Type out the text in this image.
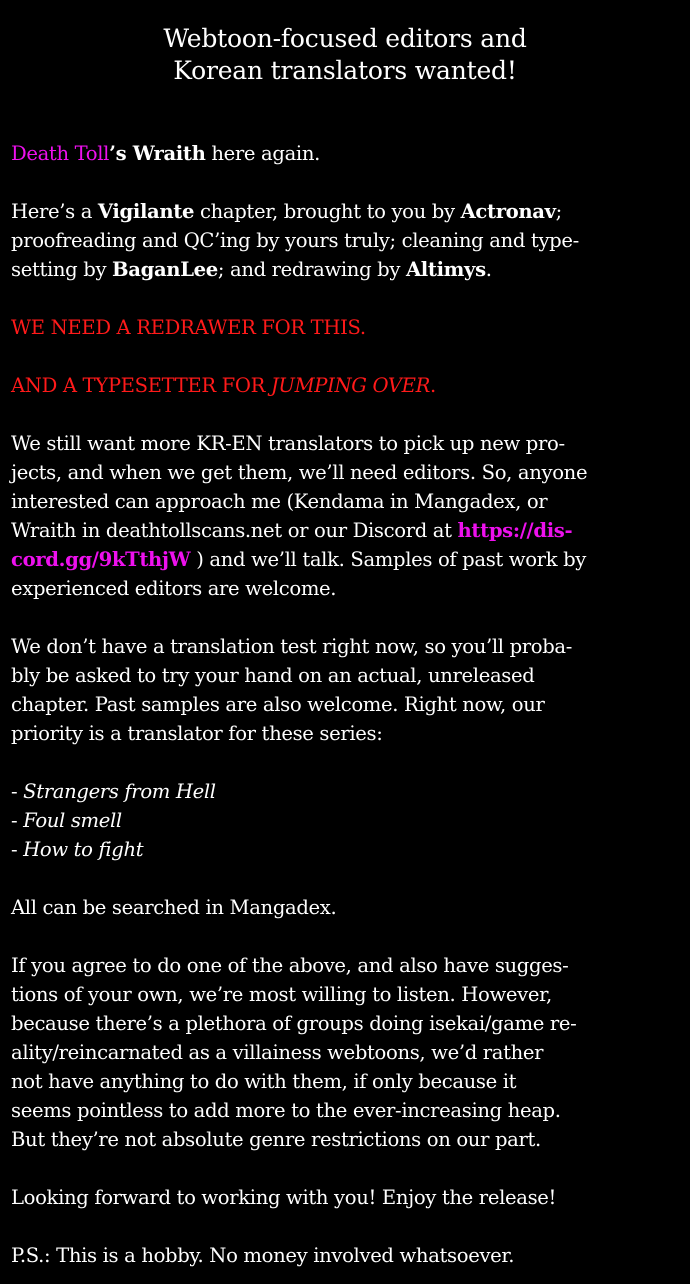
Webtoon-focused editors and
Korean translators wanted!
Death Toll’s Wraith here again.
Here’s a Vigilante chapter, brought to you by Actronav;
proofreading and QC’ing by yours truly; cleaning and type-
setting by BaganLee; and redrawing by Altimys.
WE NEED A REDRAWER FOR THIS.
AND A TYPESETTER FOR JUMPING OVER.
We still want more KR-EN translators to pick up new pro-
jects, and when we get them, we’ll need editors. So, anyone
interested can approach me (Kendama in Mangadex, or
Wraith in deathtollscans.net or our Discord at https://dis-
cord.gg/9kTthjW ) and we’ll talk. Samples of past work by
experienced editors are welcome.
We don’t have a translation test right now, so you’ll proba-
bly be asked to try your hand on an actual, unreleased
chapter. Past samples are also welcome. Right now, our
priority is a translator for these series:
- Strangers from Hell
- Foul smell
- How to fight
All can be searched in Mangadex.
If you agree to do one of the above, and also have sugges-
tions of your own, we’re most willing to listen. However,
because there’s a plethora of groups doing isekai/game re-
ality/reincarnated as a villainess webtoons, we’d rather
not have anything to do with them, if only because it
seems pointless to add more to the ever-increasing heap.
But they’re not absolute genre restrictions on our part.
Looking forward to working with you! Enjoy the release!
P.S.: This is a hobby. No money involved whatsoever.
